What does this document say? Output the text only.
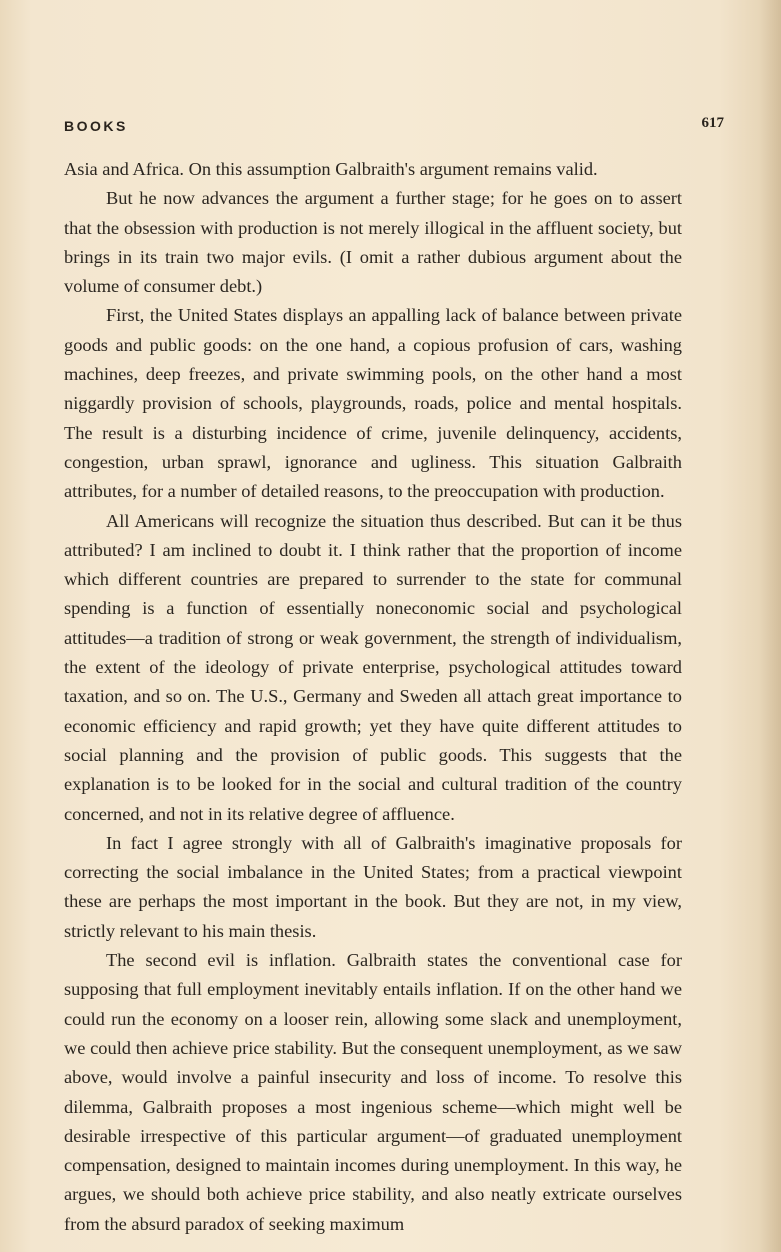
BOOKS	617

Asia and Africa. On this assumption Galbraith's argument remains valid.

But he now advances the argument a further stage; for he goes on to assert that the obsession with production is not merely illogical in the affluent society, but brings in its train two major evils. (I omit a rather dubious argument about the volume of consumer debt.)

First, the United States displays an appalling lack of balance between private goods and public goods: on the one hand, a copious profusion of cars, washing machines, deep freezes, and private swimming pools, on the other hand a most niggardly provision of schools, playgrounds, roads, police and mental hospitals. The result is a disturbing incidence of crime, juvenile delinquency, accidents, congestion, urban sprawl, ignorance and ugliness. This situation Galbraith attributes, for a number of detailed reasons, to the preoccupation with production.

All Americans will recognize the situation thus described. But can it be thus attributed? I am inclined to doubt it. I think rather that the proportion of income which different countries are prepared to surrender to the state for communal spending is a function of essentially noneconomic social and psychological attitudes—a tradition of strong or weak government, the strength of individualism, the extent of the ideology of private enterprise, psychological attitudes toward taxation, and so on. The U.S., Germany and Sweden all attach great importance to economic efficiency and rapid growth; yet they have quite different attitudes to social planning and the provision of public goods. This suggests that the explanation is to be looked for in the social and cultural tradition of the country concerned, and not in its relative degree of affluence.

In fact I agree strongly with all of Galbraith's imaginative proposals for correcting the social imbalance in the United States; from a practical viewpoint these are perhaps the most important in the book. But they are not, in my view, strictly relevant to his main thesis.

The second evil is inflation. Galbraith states the conventional case for supposing that full employment inevitably entails inflation. If on the other hand we could run the economy on a looser rein, allowing some slack and unemployment, we could then achieve price stability. But the consequent unemployment, as we saw above, would involve a painful insecurity and loss of income. To resolve this dilemma, Galbraith proposes a most ingenious scheme—which might well be desirable irrespective of this particular argument—of graduated unemployment compensation, designed to maintain incomes during unemployment. In this way, he argues, we should both achieve price stability, and also neatly extricate ourselves from the absurd paradox of seeking maximum
